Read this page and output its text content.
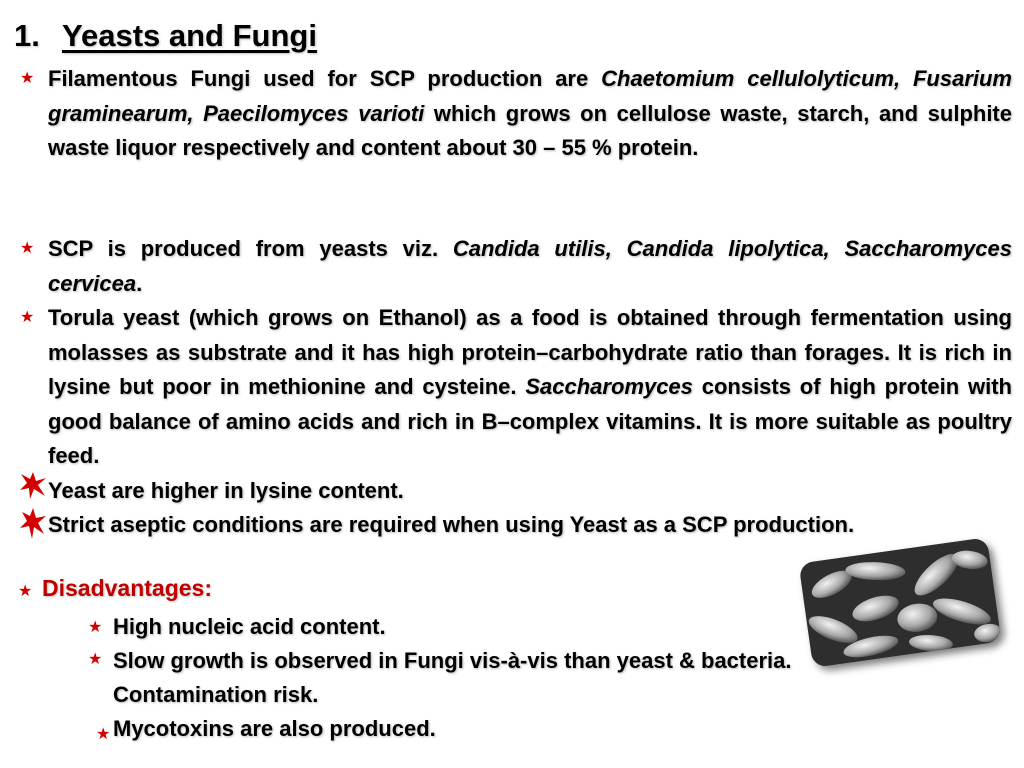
1. Yeasts and Fungi
★ Filamentous Fungi used for SCP production are Chaetomium cellulolyticum, Fusarium graminearum, Paecilomyces varioti which grows on cellulose waste, starch, and sulphite waste liquor respectively and content about 30 – 55 % protein.
★ SCP is produced from yeasts viz. Candida utilis, Candida lipolytica, Saccharomyces cervicea.
★ Torula yeast (which grows on Ethanol) as a food is obtained through fermentation using molasses as substrate and it has high protein–carbohydrate ratio than forages. It is rich in lysine but poor in methionine and cysteine. Saccharomyces consists of high protein with good balance of amino acids and rich in B–complex vitamins. It is more suitable as poultry feed.
Yeast are higher in lysine content.
Strict aseptic conditions are required when using Yeast as a SCP production.
★ Disadvantages:
★ High nucleic acid content.
★ Slow growth is observed in Fungi vis-à-vis than yeast & bacteria.
Contamination risk.
★ Mycotoxins are also produced.
